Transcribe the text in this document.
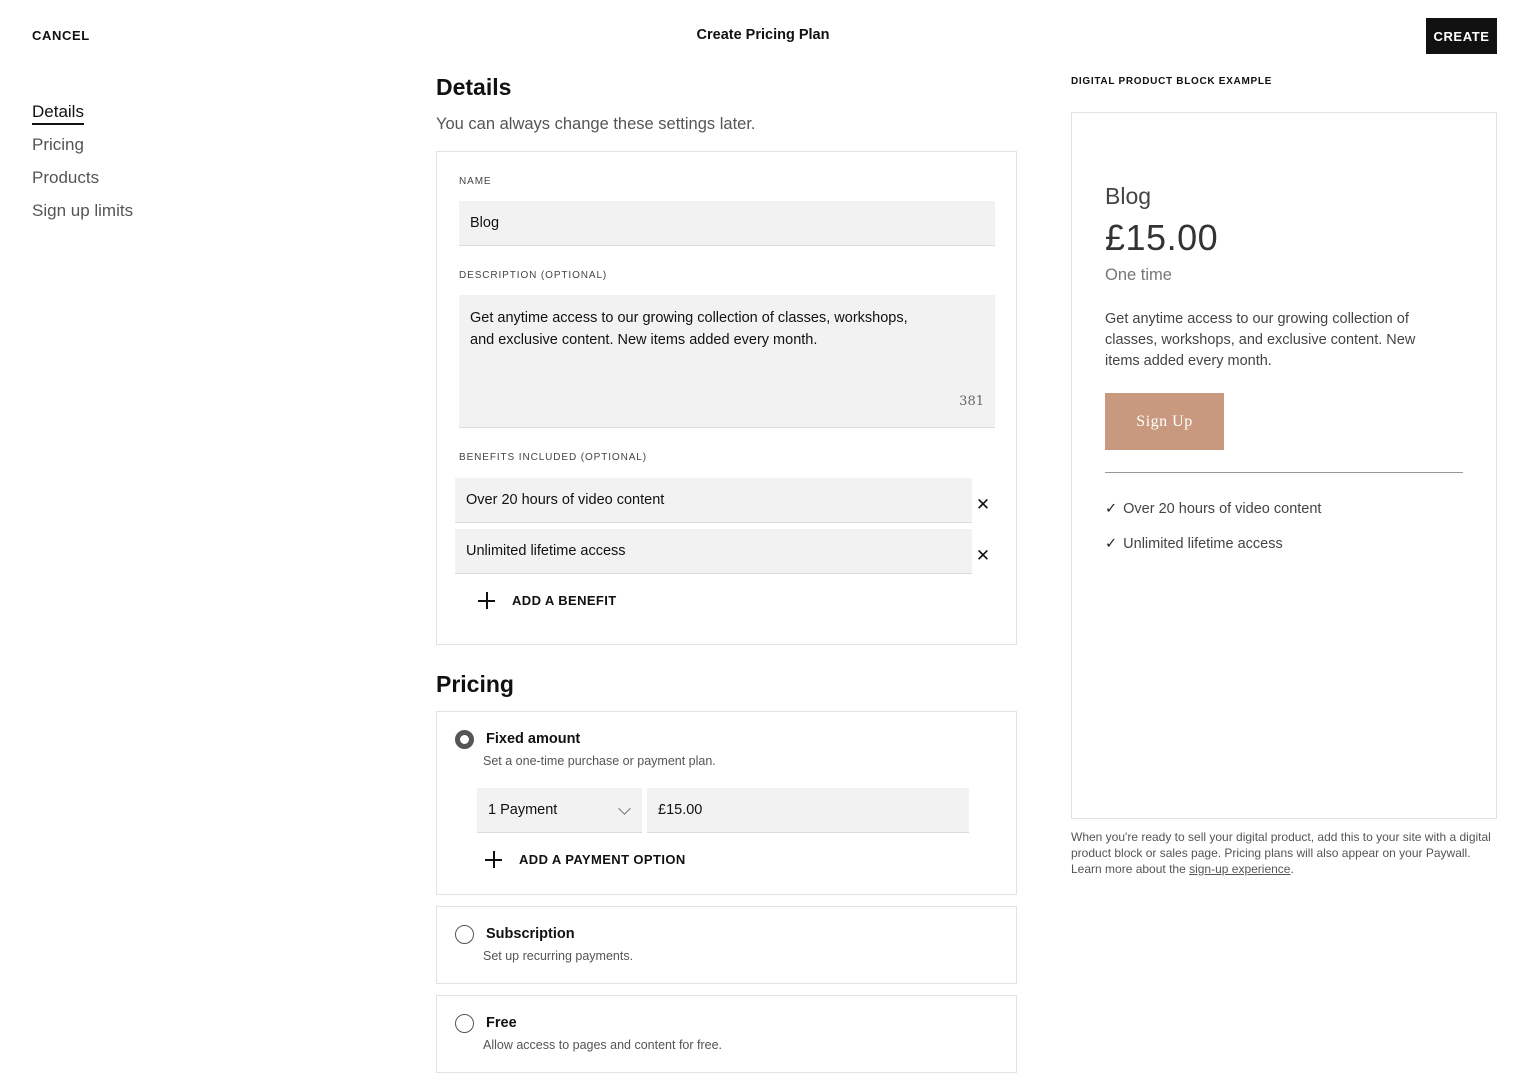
CANCEL	Create Pricing Plan	CREATE
Details
Pricing
Products
Sign up limits
Details

You can always change these settings later.

NAME
Blog
DESCRIPTION (OPTIONAL)
Get anytime access to our growing collection of classes, workshops, and exclusive content. New items added every month.
381
BENEFITS INCLUDED (OPTIONAL)
Over 20 hours of video content
✕
Unlimited lifetime access
✕
ADD A BENEFIT
Pricing
Fixed amount
Set a one-time purchase or payment plan.
1 Payment
£15.00
ADD A PAYMENT OPTION
Subscription
Set up recurring payments.
Free
Allow access to pages and content for free.
DIGITAL PRODUCT BLOCK EXAMPLE
Blog
£15.00
One time
Get anytime access to our growing collection of classes, workshops, and exclusive content. New items added every month.
Sign Up
✓ Over 20 hours of video content
✓ Unlimited lifetime access

When you're ready to sell your digital product, add this to your site with a digital product block or sales page. Pricing plans will also appear on your Paywall. Learn more about the sign-up experience.
